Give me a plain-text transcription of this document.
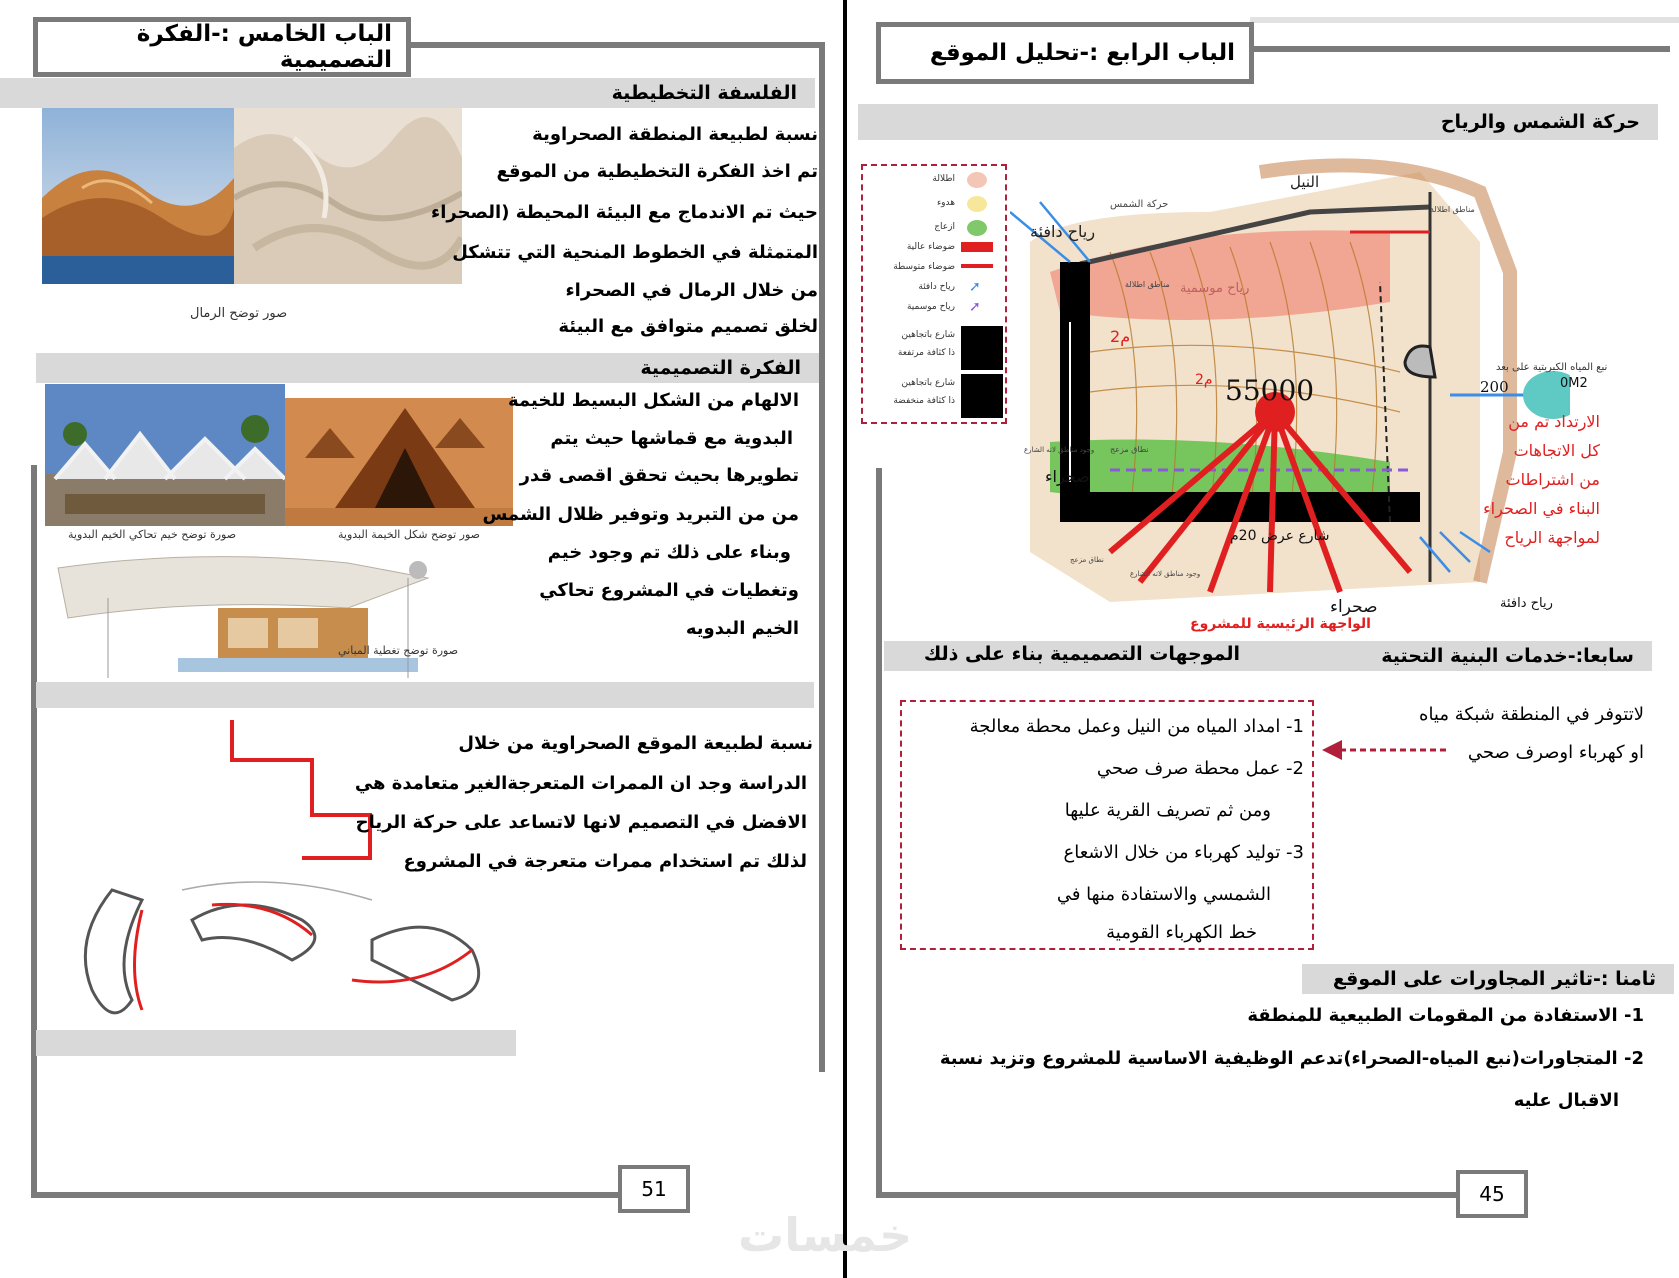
الباب الخامس :-الفكرة التصميمية
الفلسفة التخطيطية
صور توضح الرمال
نسبة لطبيعة المنطقة الصحراوية
تم اخذ الفكرة التخطيطية من الموقع
حيث تم الاندماج مع البيئة المحيطة (الصحراء
المتمثلة في الخطوط المنحية التي تتشكل
من خلال الرمال في الصحراء
لخلق تصميم متوافق مع البيئة
الفكرة التصميمية
صورة توضح خيم تحاكي الخيم البدوية	صور توضح شكل الخيمة البدوية
صورة توضح تغطية المباني
الالهام من الشكل البسيط للخيمة
البدوية مع قماشها حيث يتم
تطويرها بحيث تحقق اقصى قدر
من من التبريد وتوفير ظلال الشمس
وبناء على ذلك تم وجود خيم
وتغطيات في المشروع تحاكي
الخيم البدويه
نسبة لطبيعة الموقع الصحراوية من خلال
الدراسة وجد ان الممرات المتعرجةالغير متعامدة هي
الافضل في التصميم لانها لاتساعد على حركة الرياح
لذلك تم استخدام ممرات متعرجة في المشروع
51
الباب الرابع :-تحليل الموقع
حركة الشمس والرياح
➚
➚
اطلالة
هدوء
ازعاج
ضوضاء عالية
ضوضاء متوسطة
رياح دافئة
رياح موسمية
شارع باتجاهين
ذا كثافة مرتفعة
شارع باتجاهين
ذا كثافة منخفضة
رياح دافئة
النيل
حركة الشمس
رياح موسمية
مناطق اطلالة
مناطق اطلالة
نطاق مزعج
55000
م2
2م
شارع عرض 20م
200
صحراء
نطاق مزعج
وجود مناطق لاته الشارع
وجود مناطق لاته الشارع
صحراء
الواجهة الرئيسية للمشروع
رياح دافئة
نبع المياه الكبريتية على بعد
0M2
الارتداد تم من
كل الاتجاهات
من اشتراطات
البناء في الصحراء
لمواجهة الرياح
سابعا:-خدمات البنية التحتية
الموجهات التصميمية بناء على ذلك
لاتتوفر في المنطقة شبكة مياه
او كهرباء اوصرف صحي
1- امداد المياه من النيل وعمل محطة معالجة
2- عمل محطة صرف صحي
ومن ثم تصريف القرية عليها
3- توليد كهرباء من خلال الاشعاع
الشمسي والاستفادة منها في
خط الكهرباء القومية
ثامنا :-تاثير المجاورات على الموقع
1- الاستفادة من المقومات الطبيعية للمنطقة
2- المتجاورات(نبع المياه-الصحراء)تدعم الوظيفية الاساسية للمشروع وتزيد نسبة
الاقبال عليه
45
خمسات
